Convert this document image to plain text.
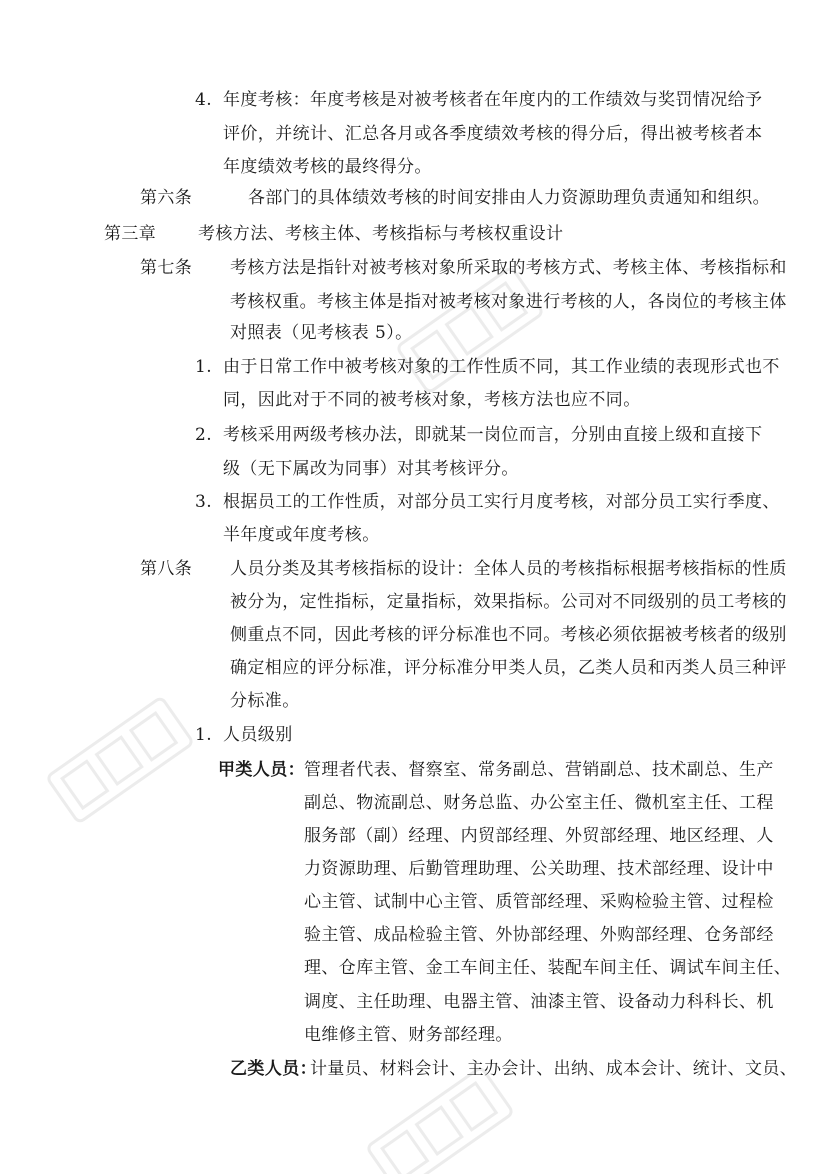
4. 年度考核：年度考核是对被考核者在年度内的工作绩效与奖罚情况给予
评价，并统计、汇总各月或各季度绩效考核的得分后，得出被考核者本
年度绩效考核的最终得分。
第六条	各部门的具体绩效考核的时间安排由人力资源助理负责通知和组织。
第三章 考核方法、考核主体、考核指标与考核权重设计
第七条 考核方法是指针对被考核对象所采取的考核方式、考核主体、考核指标和
考核权重。考核主体是指对被考核对象进行考核的人，各岗位的考核主体
对照表（见考核表 5）。
1. 由于日常工作中被考核对象的工作性质不同，其工作业绩的表现形式也不
同，因此对于不同的被考核对象，考核方法也应不同。
2. 考核采用两级考核办法，即就某一岗位而言，分别由直接上级和直接下
级（无下属改为同事）对其考核评分。
3. 根据员工的工作性质，对部分员工实行月度考核，对部分员工实行季度、
半年度或年度考核。
第八条 人员分类及其考核指标的设计：全体人员的考核指标根据考核指标的性质
被分为，定性指标，定量指标，效果指标。公司对不同级别的员工考核的
侧重点不同，因此考核的评分标准也不同。考核必须依据被考核者的级别
确定相应的评分标准，评分标准分甲类人员，乙类人员和丙类人员三种评
分标准。
1. 人员级别
甲类人员： 管理者代表、督察室、常务副总、营销副总、技术副总、生产
副总、物流副总、财务总监、办公室主任、微机室主任、工程
服务部（副）经理、内贸部经理、外贸部经理、地区经理、人
力资源助理、后勤管理助理、公关助理、技术部经理、设计中
心主管、试制中心主管、质管部经理、采购检验主管、过程检
验主管、成品检验主管、外协部经理、外购部经理、仓务部经
理、仓库主管、金工车间主任、装配车间主任、调试车间主任、
调度、主任助理、电器主管、油漆主管、设备动力科科长、机
电维修主管、财务部经理。
乙类人员：
计量员、材料会计、主办会计、出纳、成本会计、统计、文员、
